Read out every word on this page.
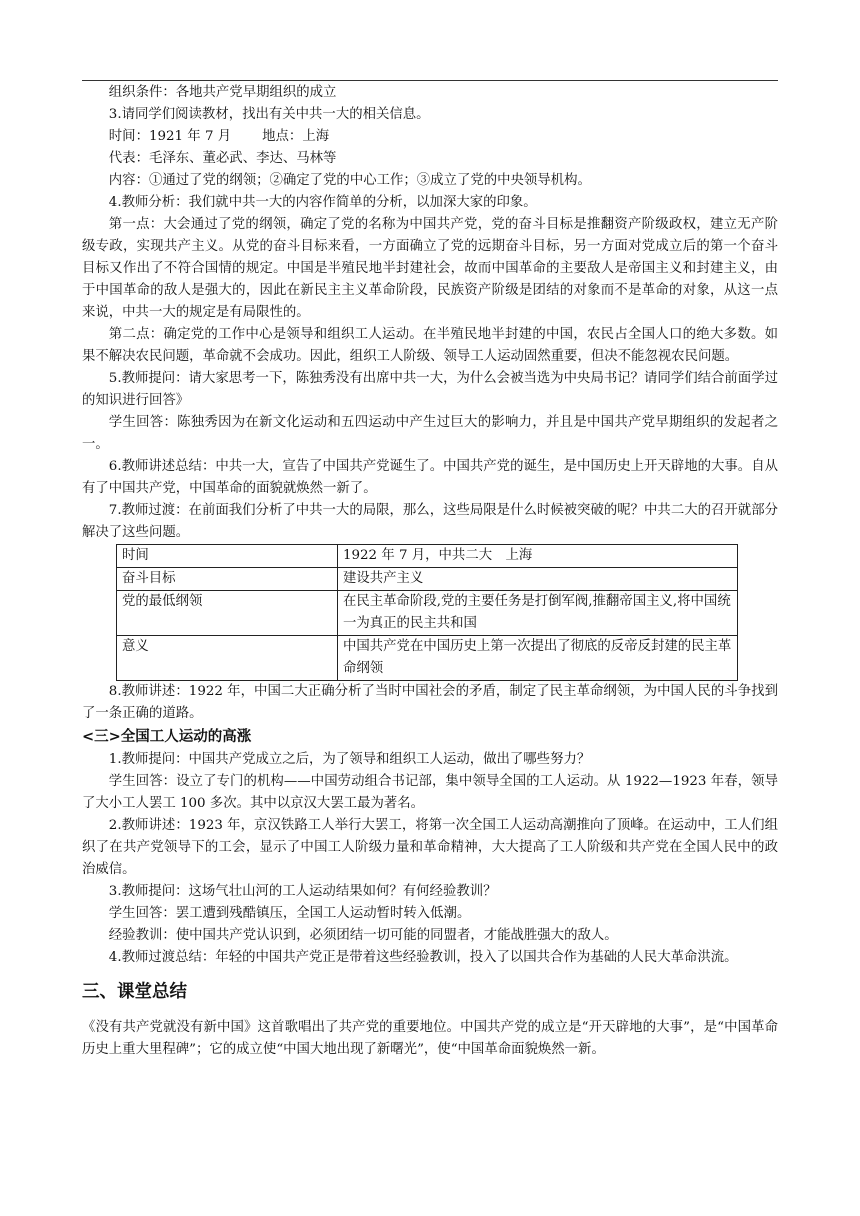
组织条件：各地共产党早期组织的成立

3.请同学们阅读教材，找出有关中共一大的相关信息。

时间：1921 年 7 月　　 地点：上海

代表：毛泽东、董必武、李达、马林等

内容：①通过了党的纲领；②确定了党的中心工作；③成立了党的中央领导机构。

4.教师分析：我们就中共一大的内容作简单的分析，以加深大家的印象。

第一点：大会通过了党的纲领，确定了党的名称为中国共产党，党的奋斗目标是推翻资产阶级政权，建立无产阶级专政，实现共产主义。从党的奋斗目标来看，一方面确立了党的远期奋斗目标，另一方面对党成立后的第一个奋斗目标又作出了不符合国情的规定。中国是半殖民地半封建社会，故而中国革命的主要敌人是帝国主义和封建主义，由于中国革命的敌人是强大的，因此在新民主主义革命阶段，民族资产阶级是团结的对象而不是革命的对象，从这一点来说，中共一大的规定是有局限性的。

第二点：确定党的工作中心是领导和组织工人运动。在半殖民地半封建的中国，农民占全国人口的绝大多数。如果不解决农民问题，革命就不会成功。因此，组织工人阶级、领导工人运动固然重要，但决不能忽视农民问题。

5.教师提问：请大家思考一下，陈独秀没有出席中共一大，为什么会被当选为中央局书记？请同学们结合前面学过的知识进行回答》

学生回答：陈独秀因为在新文化运动和五四运动中产生过巨大的影响力，并且是中国共产党早期组织的发起者之一。

6.教师讲述总结：中共一大，宣告了中国共产党诞生了。中国共产党的诞生，是中国历史上开天辟地的大事。自从有了中国共产党，中国革命的面貌就焕然一新了。

7.教师过渡：在前面我们分析了中共一大的局限，那么，这些局限是什么时候被突破的呢？中共二大的召开就部分解决了这些问题。

时间	1922 年 7 月，中共二大　上海
奋斗目标	建设共产主义
党的最低纲领	在民主革命阶段,党的主要任务是打倒军阀,推翻帝国主义,将中国统一为真正的民主共和国
意义	中国共产党在中国历史上第一次提出了彻底的反帝反封建的民主革命纲领

8.教师讲述：1922 年，中国二大正确分析了当时中国社会的矛盾，制定了民主革命纲领，为中国人民的斗争找到了一条正确的道路。

<三>全国工人运动的高涨

1.教师提问：中国共产党成立之后，为了领导和组织工人运动，做出了哪些努力？

学生回答：设立了专门的机构——中国劳动组合书记部，集中领导全国的工人运动。从 1922—1923 年春，领导了大小工人罢工 100 多次。其中以京汉大罢工最为著名。

2.教师讲述：1923 年，京汉铁路工人举行大罢工，将第一次全国工人运动高潮推向了顶峰。在运动中，工人们组织了在共产党领导下的工会，显示了中国工人阶级力量和革命精神，大大提高了工人阶级和共产党在全国人民中的政治威信。

3.教师提问：这场气壮山河的工人运动结果如何？有何经验教训？

学生回答：罢工遭到残酷镇压，全国工人运动暂时转入低潮。

经验教训：使中国共产党认识到，必须团结一切可能的同盟者，才能战胜强大的敌人。

4.教师过渡总结：年轻的中国共产党正是带着这些经验教训，投入了以国共合作为基础的人民大革命洪流。

三、课堂总结

《没有共产党就没有新中国》这首歌唱出了共产党的重要地位。中国共产党的成立是“开天辟地的大事”，是“中国革命历史上重大里程碑”；它的成立使“中国大地出现了新曙光”，使“中国革命面貌焕然一新。
